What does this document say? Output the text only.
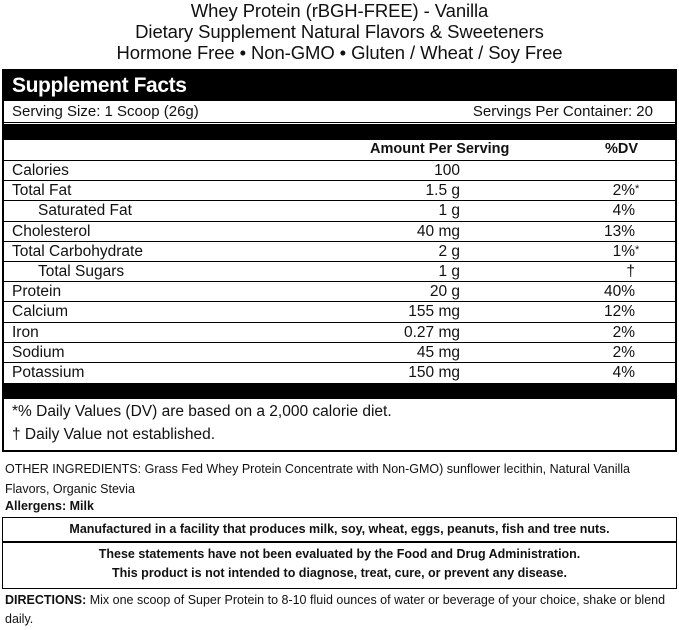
Whey Protein (rBGH-FREE) - Vanilla
Dietary Supplement Natural Flavors & Sweeteners
Hormone Free • Non-GMO • Gluten / Wheat / Soy Free
Supplement Facts
Serving Size: 1 Scoop (26g)	Servings Per Container: 20
Amount Per Serving	%DV
Calories	100
Total Fat	1.5 g	2% *
Saturated Fat	1 g	4%
Cholesterol	40 mg	13%
Total Carbohydrate	2 g	1% *
Total Sugars	1 g	†
Protein	20 g	40%
Calcium	155 mg	12%
Iron	0.27 mg	2%
Sodium	45 mg	2%
Potassium	150 mg	4%
*% Daily Values (DV) are based on a 2,000 calorie diet.
† Daily Value not established.
OTHER INGREDIENTS: Grass Fed Whey Protein Concentrate with Non-GMO) sunflower lecithin, Natural Vanilla Flavors, Organic Stevia
Allergens: Milk
Manufactured in a facility that produces milk, soy, wheat, eggs, peanuts, fish and tree nuts.
These statements have not been evaluated by the Food and Drug Administration.
This product is not intended to diagnose, treat, cure, or prevent any disease.
DIRECTIONS: Mix one scoop of Super Protein to 8-10 fluid ounces of water or beverage of your choice, shake or blend daily.
